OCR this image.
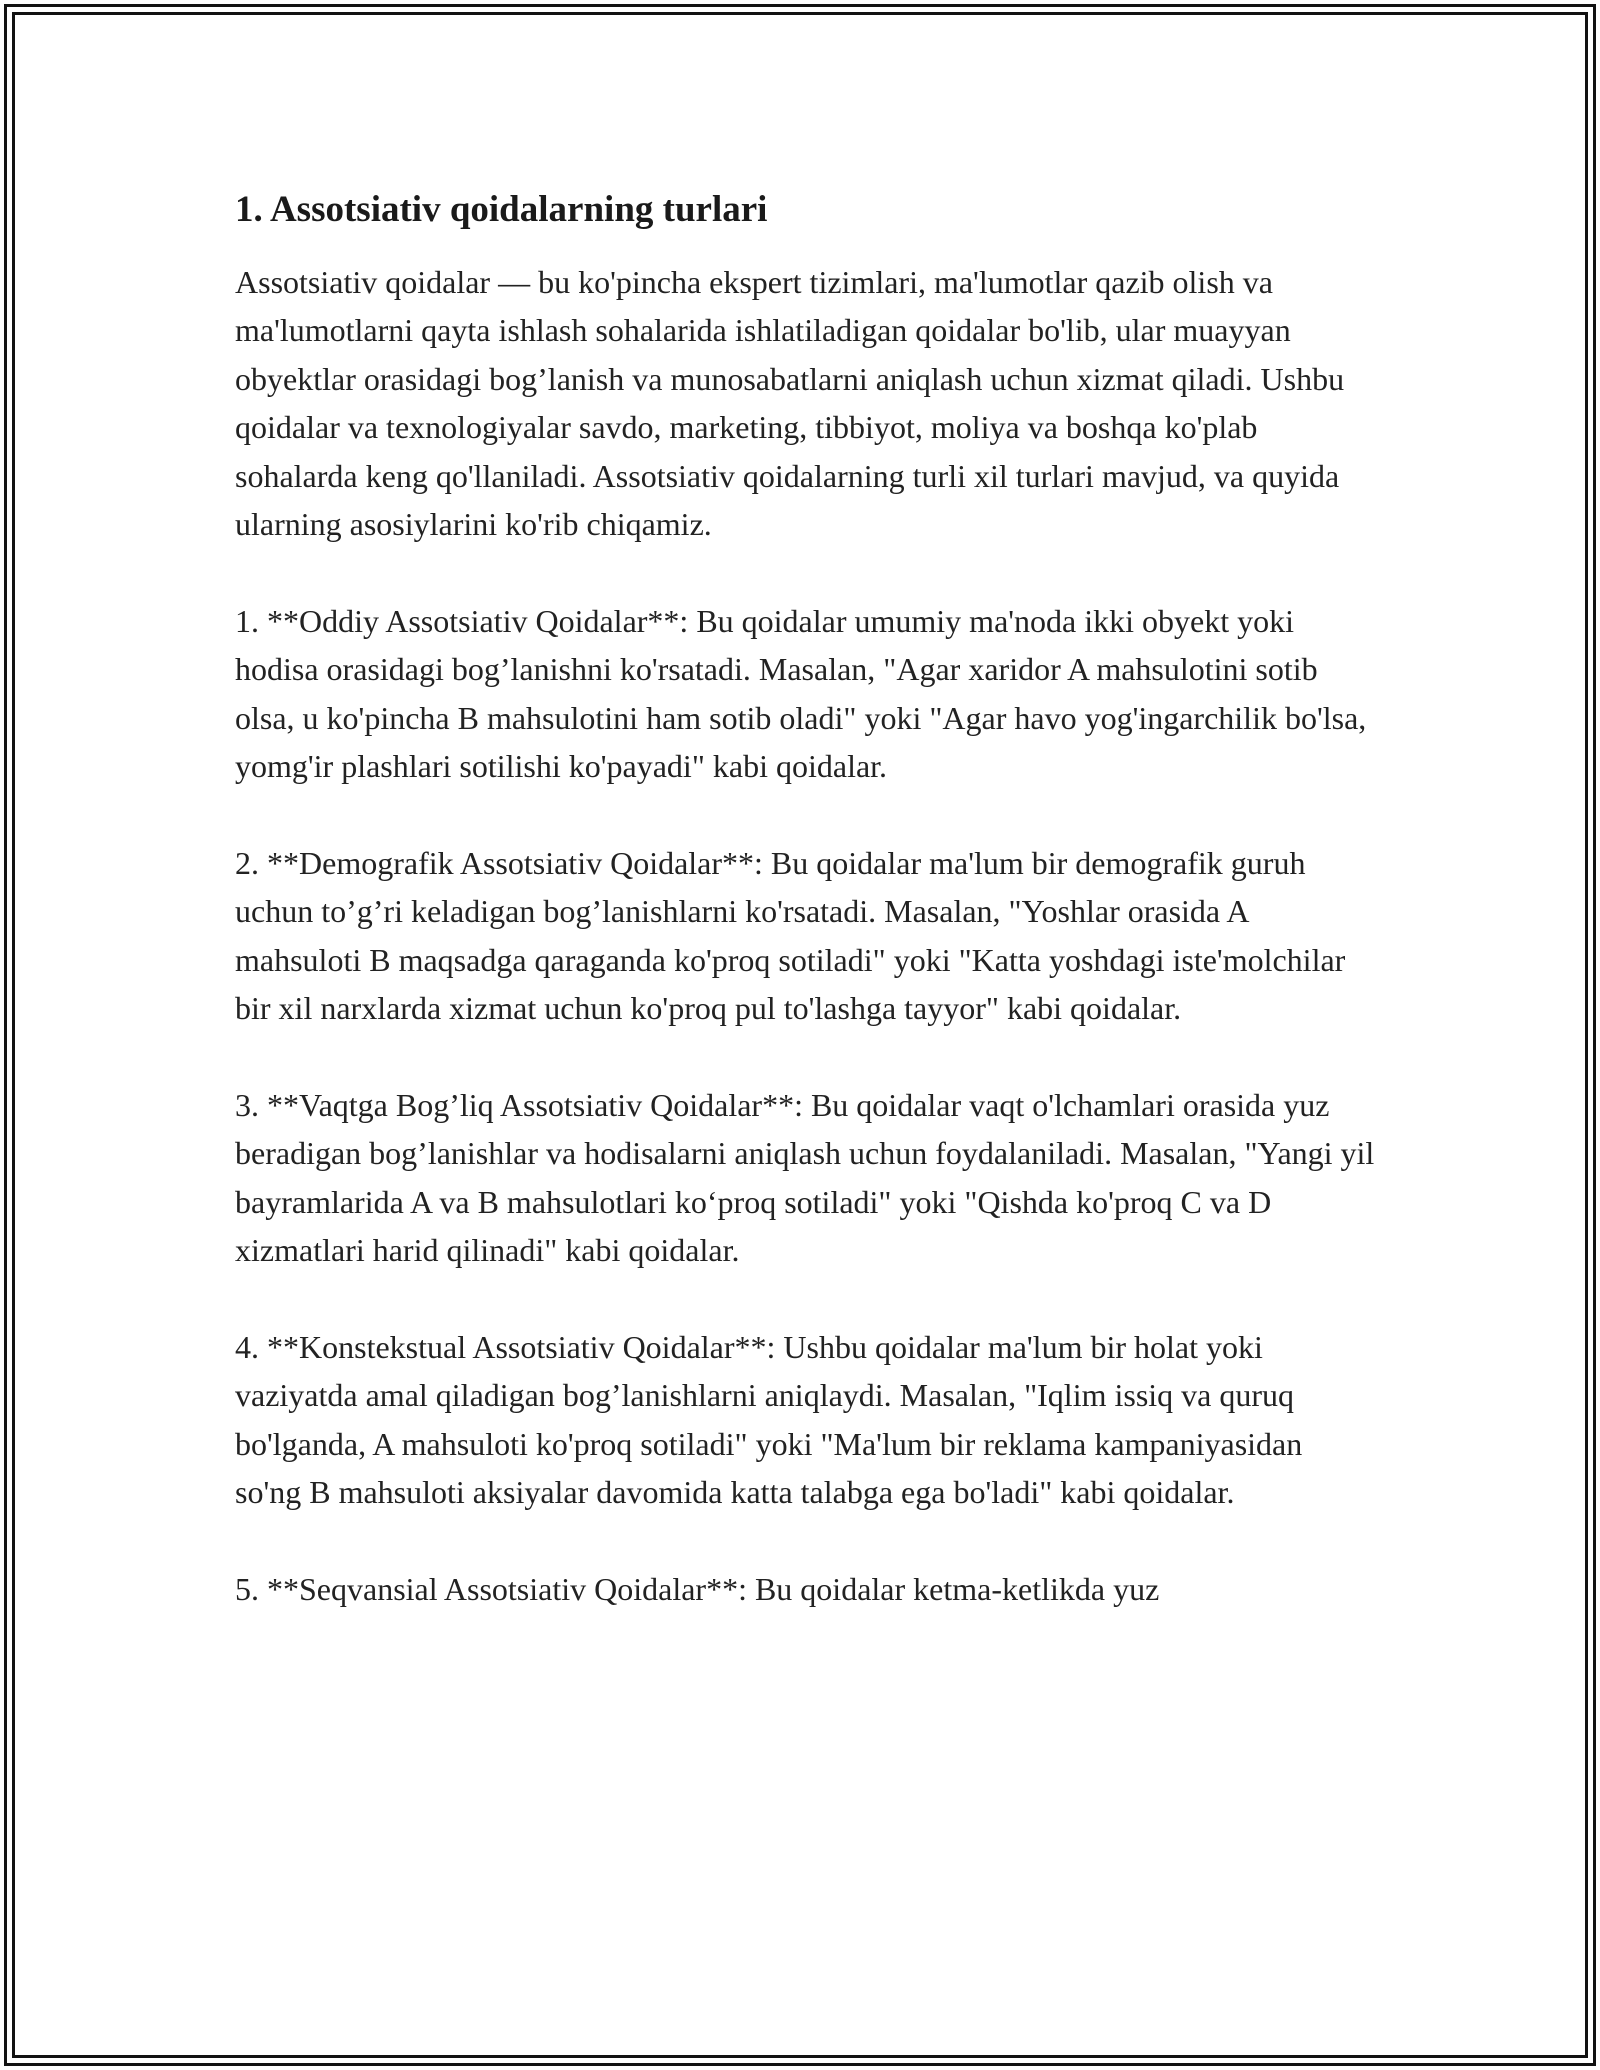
1. Assotsiativ qoidalarning turlari

Assotsiativ qoidalar — bu ko'pincha ekspert tizimlari, ma'lumotlar qazib olish va ma'lumotlarni qayta ishlash sohalarida ishlatiladigan qoidalar bo'lib, ular muayyan obyektlar orasidagi bog’lanish va munosabatlarni aniqlash uchun xizmat qiladi. Ushbu qoidalar va texnologiyalar savdo, marketing, tibbiyot, moliya va boshqa ko'plab sohalarda keng qo'llaniladi. Assotsiativ qoidalarning turli xil turlari mavjud, va quyida ularning asosiylarini ko'rib chiqamiz.

1. **Oddiy Assotsiativ Qoidalar**: Bu qoidalar umumiy ma'noda ikki obyekt yoki hodisa orasidagi bog’lanishni ko'rsatadi. Masalan, "Agar xaridor A mahsulotini sotib olsa, u ko'pincha B mahsulotini ham sotib oladi" yoki "Agar havo yog'ingarchilik bo'lsa, yomg'ir plashlari sotilishi ko'payadi" kabi qoidalar.

2. **Demografik Assotsiativ Qoidalar**: Bu qoidalar ma'lum bir demografik guruh uchun to’g’ri keladigan bog’lanishlarni ko'rsatadi. Masalan, "Yoshlar orasida A mahsuloti B maqsadga qaraganda ko'proq sotiladi" yoki "Katta yoshdagi iste'molchilar bir xil narxlarda xizmat uchun ko'proq pul to'lashga tayyor" kabi qoidalar.

3. **Vaqtga Bog’liq Assotsiativ Qoidalar**: Bu qoidalar vaqt o'lchamlari orasida yuz beradigan bog’lanishlar va hodisalarni aniqlash uchun foydalaniladi. Masalan, "Yangi yil bayramlarida A va B mahsulotlari ko‘proq sotiladi" yoki "Qishda ko'proq C va D xizmatlari harid qilinadi" kabi qoidalar.

4. **Konstekstual Assotsiativ Qoidalar**: Ushbu qoidalar ma'lum bir holat yoki vaziyatda amal qiladigan bog’lanishlarni aniqlaydi. Masalan, "Iqlim issiq va quruq bo'lganda, A mahsuloti ko'proq sotiladi" yoki "Ma'lum bir reklama kampaniyasidan so'ng B mahsuloti aksiyalar davomida katta talabga ega bo'ladi" kabi qoidalar.

5. **Seqvansial Assotsiativ Qoidalar**: Bu qoidalar ketma-ketlikda yuz
